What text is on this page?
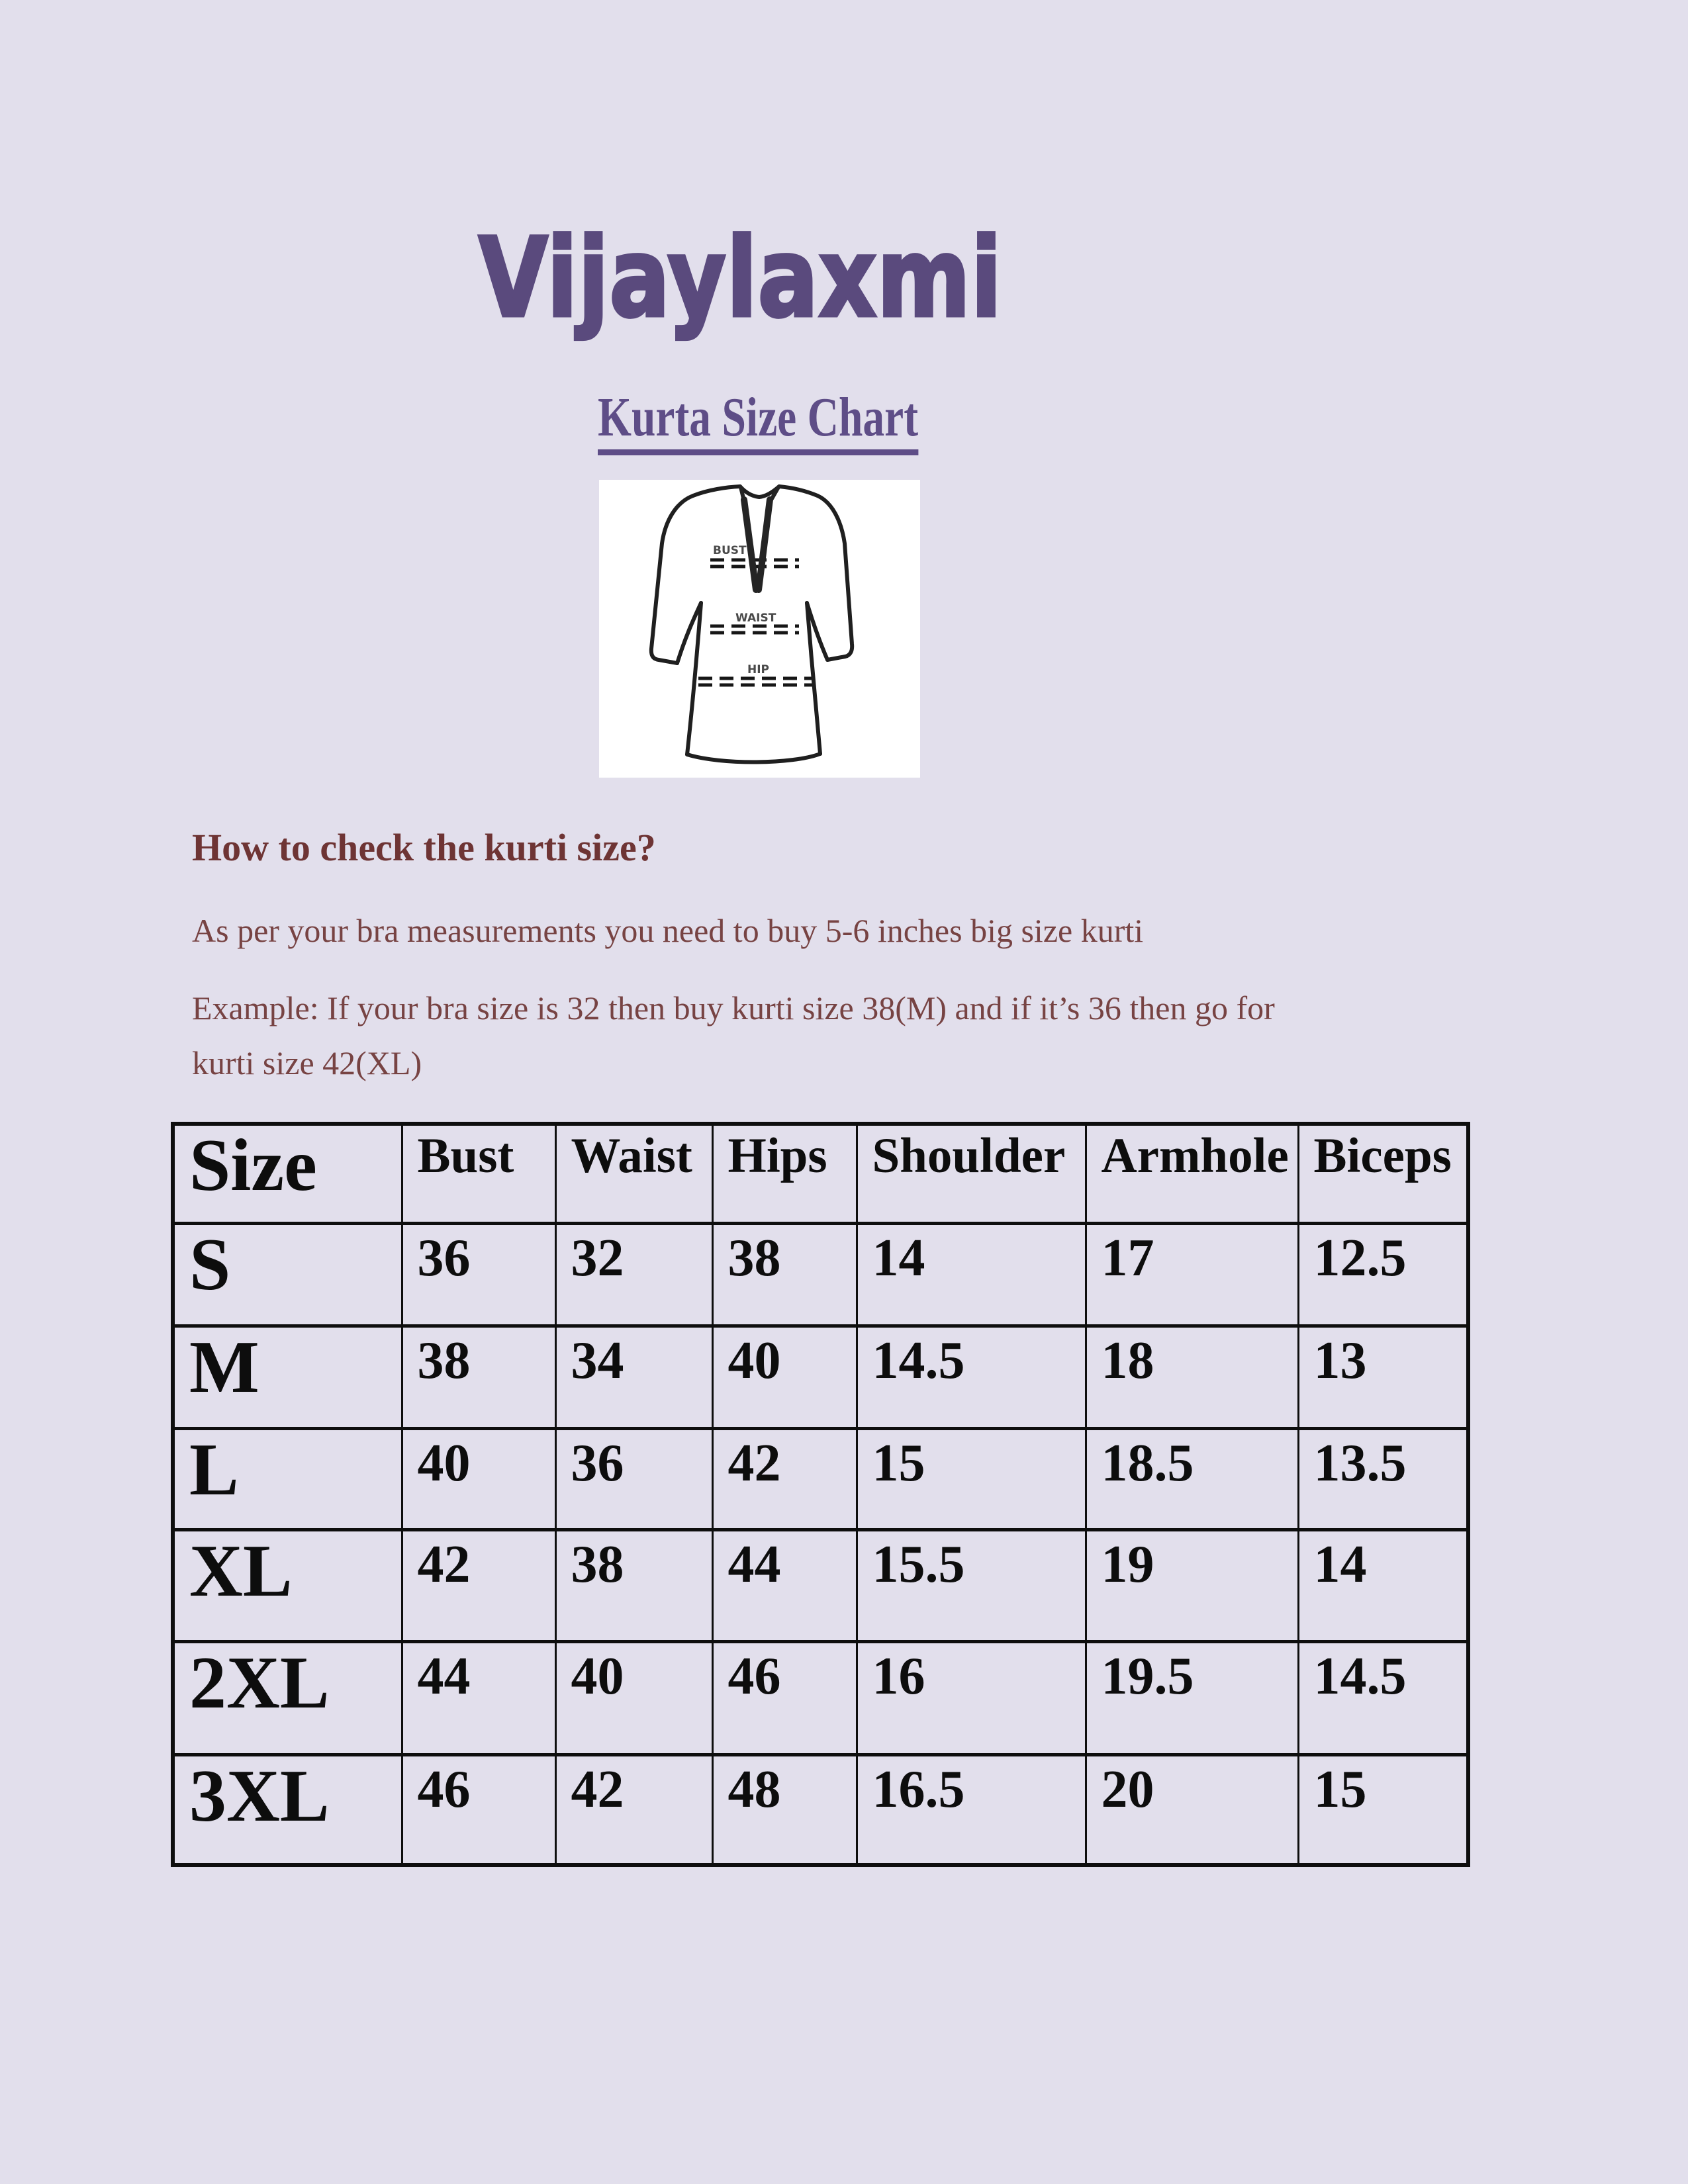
Vijaylaxmi
Kurta Size Chart
BUST
WAIST
HIP
How to check the kurti size?
As per your bra measurements you need to buy 5-6 inches big size kurti
Example: If your bra size is 32 then buy kurti size 38(M) and if it’s 36 then go for
kurti size 42(XL)
Size	Bust	Waist	Hips	Shoulder	Armhole	Biceps
S	36	32	38	14	17	12.5
M	38	34	40	14.5	18	13
L	40	36	42	15	18.5	13.5
XL	42	38	44	15.5	19	14
2XL	44	40	46	16	19.5	14.5
3XL	46	42	48	16.5	20	15
